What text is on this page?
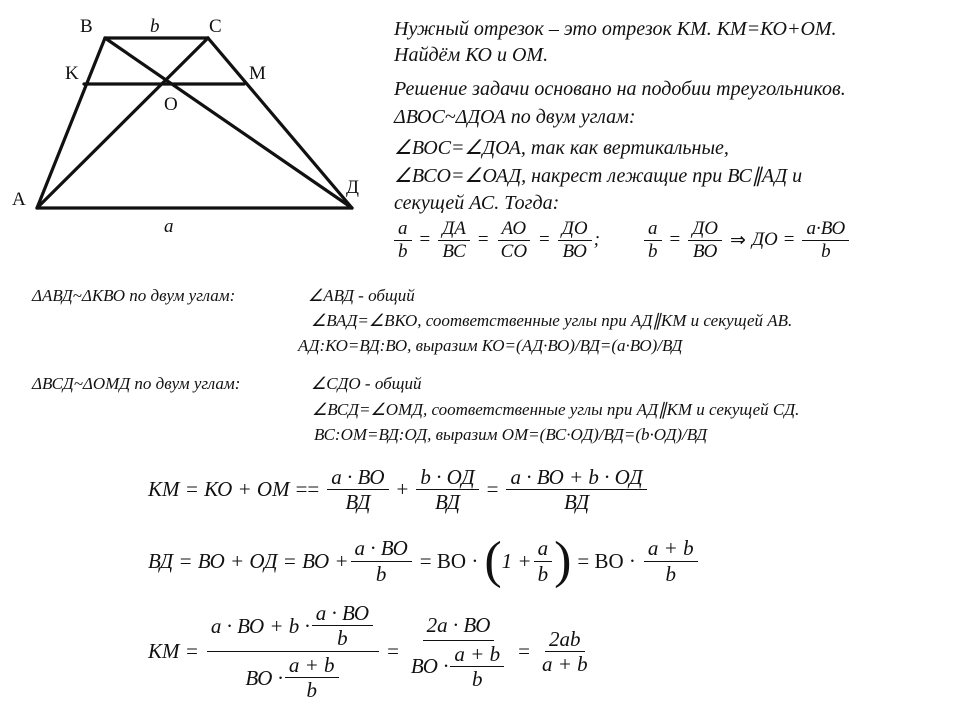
B	b	C
K	M
O
A
Д
a
Нужный отрезок – это отрезок КМ. КМ=КО+ОМ.
Найдём КО и ОМ.
Решение задачи основано на подобии треугольников.
ΔВОС~ΔДОА по двум углам:
∠ВОС=∠ДОА, так как вертикальные,
∠ВСО=∠ОАД, накрест лежащие при ВС∥АД и
секущей АС. Тогда:
$\frac{a}{b} = \frac{ДА}{ВС} = \frac{АО}{СО} = \frac{ДО}{ВО}$ ; $\frac{a}{b} = \frac{ДО}{ВО}$ ⇒ ДО = $\frac{a\cdot ВО}{b}$
ΔАВД~ΔКВО по двум углам:	∠АВД - общий
∠ВАД=∠ВКО, соответственные углы при АД∥КМ и секущей АВ.
АД:КО=ВД:ВО, выразим КО=(АД·ВО)/ВД=(a·ВО)/ВД
ΔВСД~ΔОМД по двум углам:	∠СДО - общий
∠ВСД=∠ОМД, соответственные углы при АД∥КМ и секущей СД.
ВС:ОМ=ВД:ОД, выразим ОМ=(ВС·ОД)/ВД=(b·ОД)/ВД
КМ = КО + ОМ == $\frac{a \cdot ВО}{ВД} + \frac{b \cdot ОД}{ВД} = \frac{a \cdot ВО + b \cdot ОД}{ВД}$
ВД = ВО + ОД = ВО + $\frac{a \cdot ВО}{b}$ = ВО · ( $1 + \frac{a}{b}$ ) = ВО · $\frac{a + b}{b}$
КМ = $\frac{a \cdot ВО + b \cdot \frac{a \cdot ВО}{b}}{ВО \cdot \frac{a + b}{b}} = \frac{2a \cdot ВО}{ВО \cdot \frac{a + b}{b}} = \frac{2ab}{a + b}$
